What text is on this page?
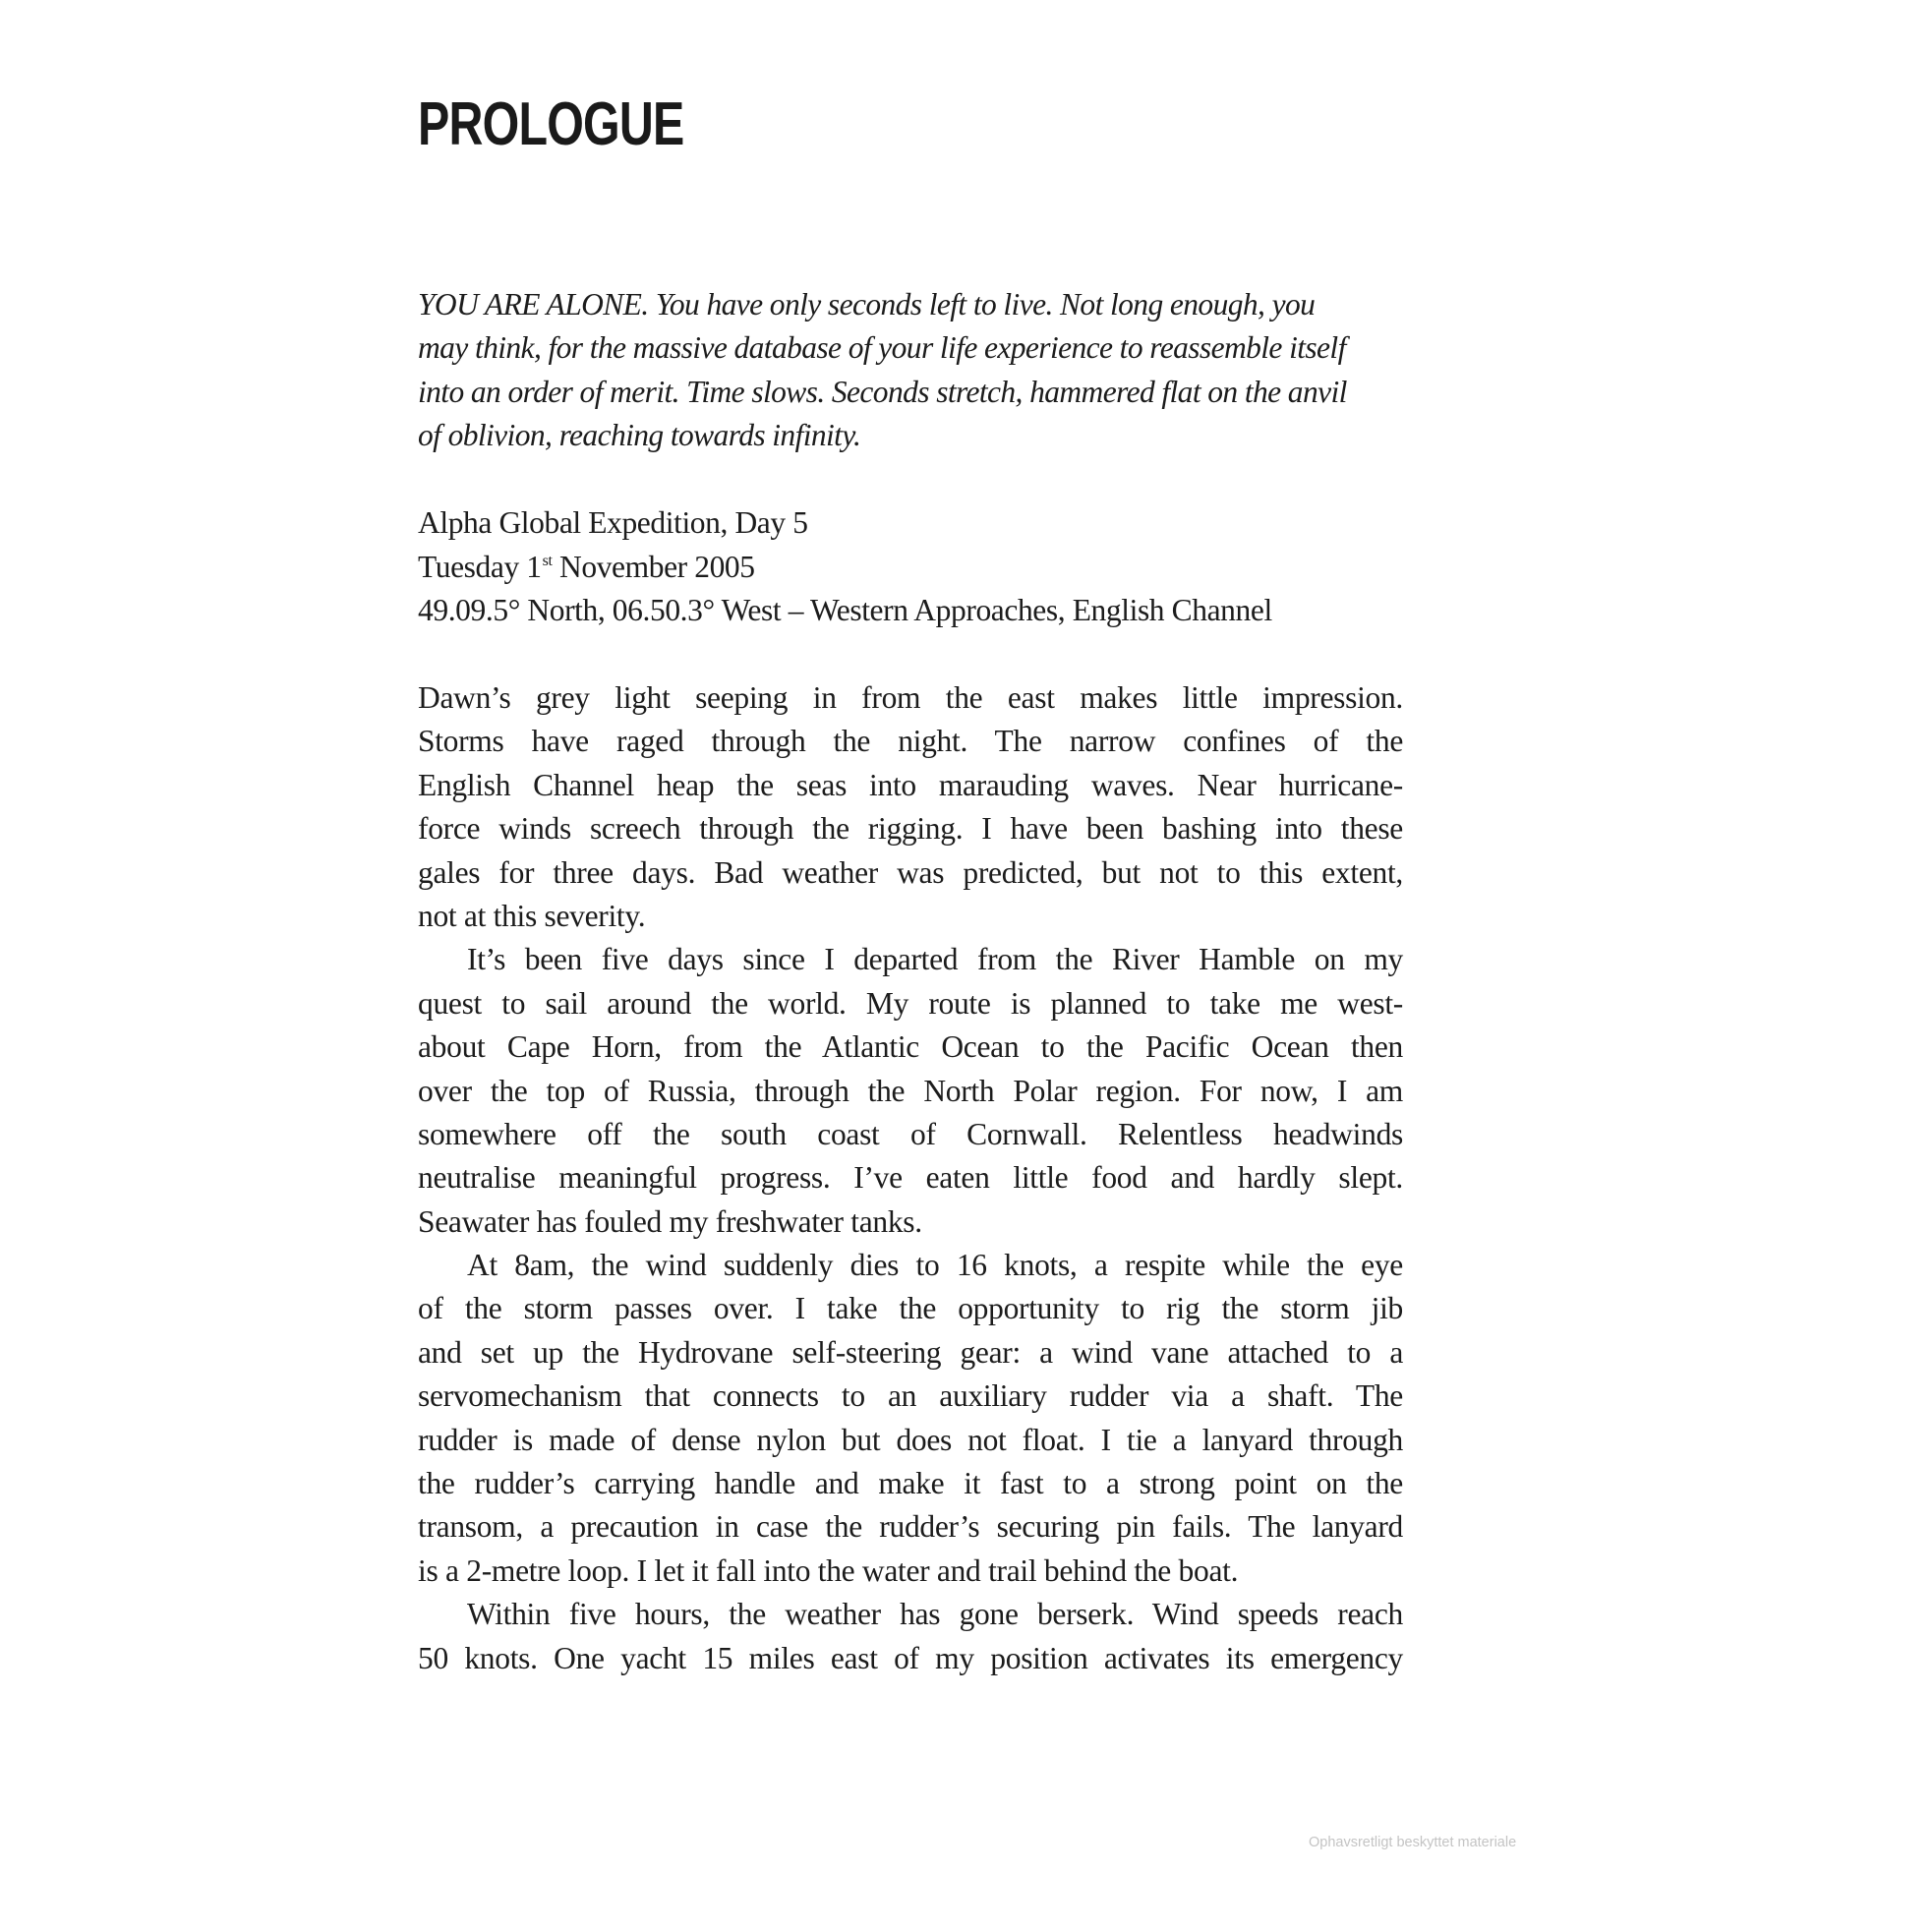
PROLOGUE
YOU ARE ALONE. You have only seconds left to live. Not long enough, you
may think, for the massive database of your life experience to reassemble itself
into an order of merit. Time slows. Seconds stretch, hammered flat on the anvil
of oblivion, reaching towards infinity.
Alpha Global Expedition, Day 5
Tuesday 1st November 2005
49.09.5° North, 06.50.3° West – Western Approaches, English Channel
Dawn’s grey light seeping in from the east makes little impression.
Storms have raged through the night. The narrow confines of the
English Channel heap the seas into marauding waves. Near hurricane-
force winds screech through the rigging. I have been bashing into these
gales for three days. Bad weather was predicted, but not to this extent,
not at this severity.
It’s been five days since I departed from the River Hamble on my
quest to sail around the world. My route is planned to take me west-
about Cape Horn, from the Atlantic Ocean to the Pacific Ocean then
over the top of Russia, through the North Polar region. For now, I am
somewhere off the south coast of Cornwall. Relentless headwinds
neutralise meaningful progress. I’ve eaten little food and hardly slept.
Seawater has fouled my freshwater tanks.
At 8am, the wind suddenly dies to 16 knots, a respite while the eye
of the storm passes over. I take the opportunity to rig the storm jib
and set up the Hydrovane self-steering gear: a wind vane attached to a
servomechanism that connects to an auxiliary rudder via a shaft. The
rudder is made of dense nylon but does not float. I tie a lanyard through
the rudder’s carrying handle and make it fast to a strong point on the
transom, a precaution in case the rudder’s securing pin fails. The lanyard
is a 2-metre loop. I let it fall into the water and trail behind the boat.
Within five hours, the weather has gone berserk. Wind speeds reach
50 knots. One yacht 15 miles east of my position activates its emergency
Ophavsretligt beskyttet materiale
